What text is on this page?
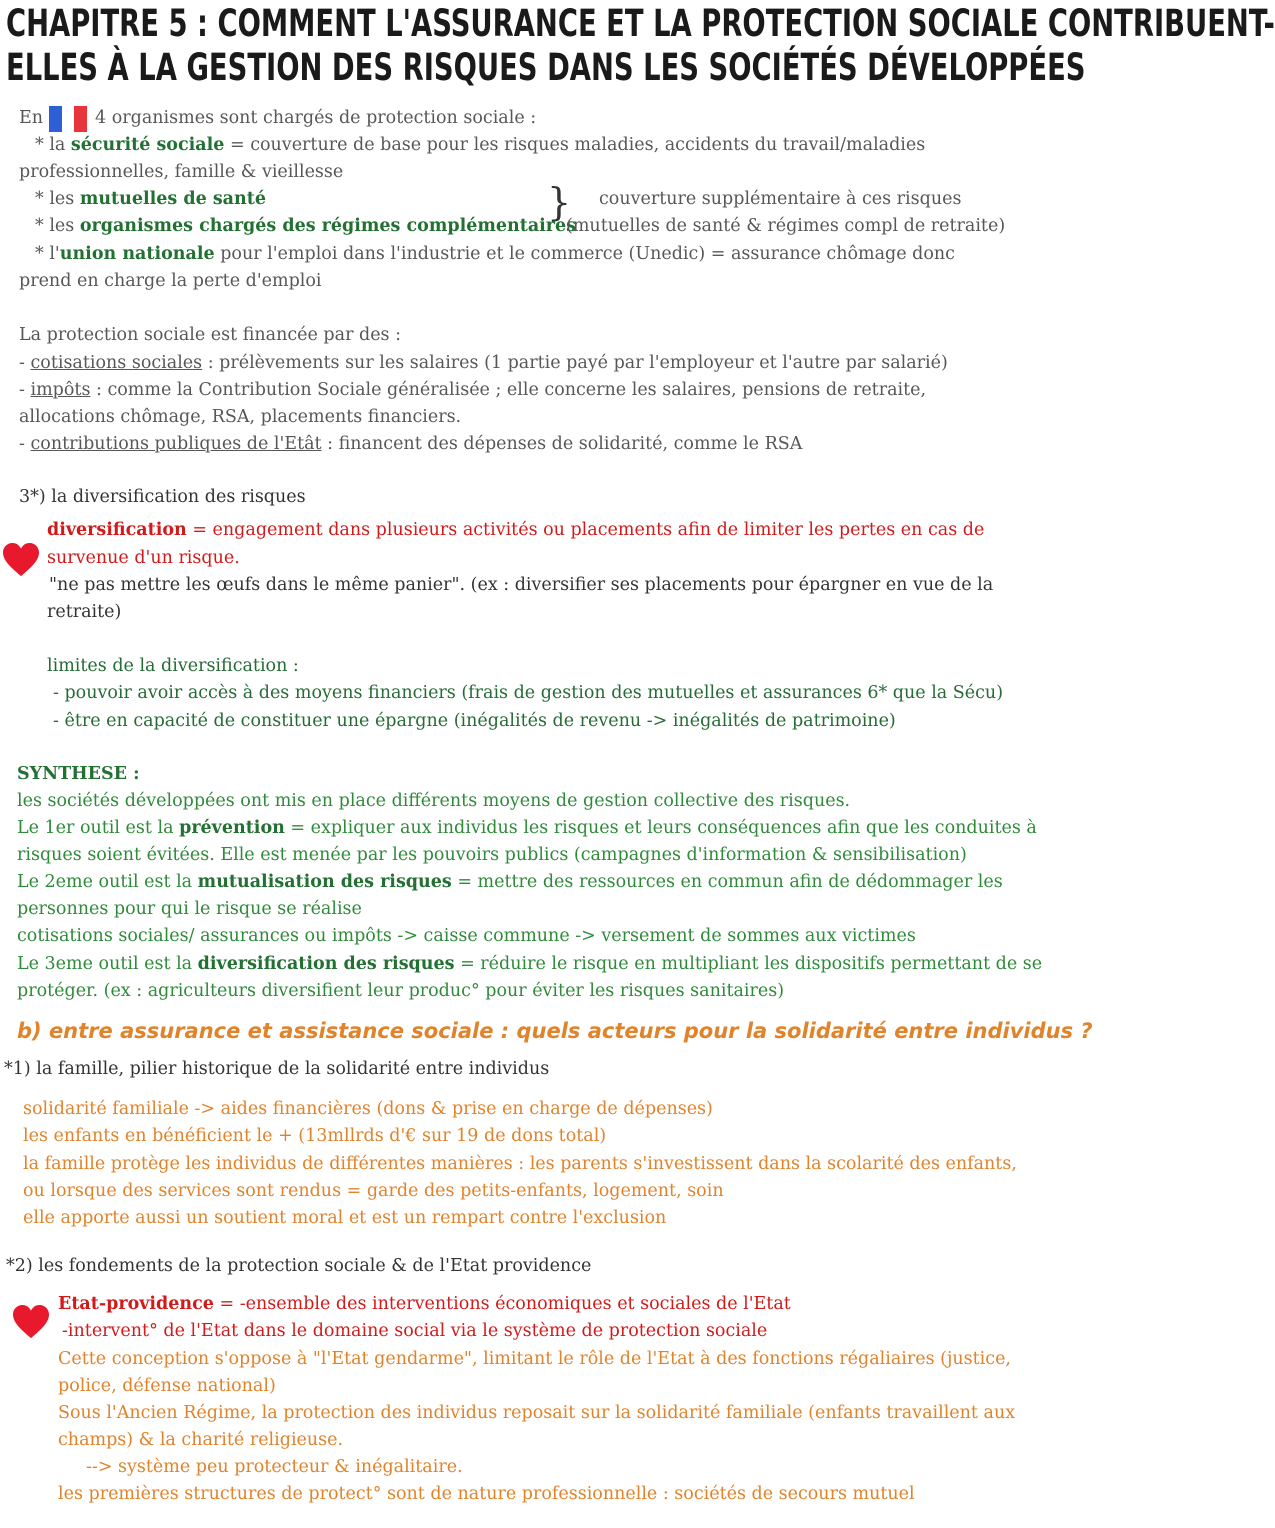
CHAPITRE 5 : COMMENT L'ASSURANCE ET LA PROTECTION SOCIALE CONTRIBUENT-
ELLES À LA GESTION DES RISQUES DANS LES SOCIÉTÉS DÉVELOPPÉES
En	4 organismes sont chargés de protection sociale :
* la sécurité sociale = couverture de base pour les risques maladies, accidents du travail/maladies
professionnelles, famille & vieillesse
* les mutuelles de santé	couverture supplémentaire à ces risques
}
* les organismes chargés des régimes complémentaires
(mutuelles de santé & régimes compl de retraite)
* l'union nationale pour l'emploi dans l'industrie et le commerce (Unedic) = assurance chômage donc
prend en charge la perte d'emploi
La protection sociale est financée par des :
- cotisations sociales : prélèvements sur les salaires (1 partie payé par l'employeur et l'autre par salarié)
- impôts : comme la Contribution Sociale généralisée ; elle concerne les salaires, pensions de retraite,
allocations chômage, RSA, placements financiers.
- contributions publiques de l'Etât : financent des dépenses de solidarité, comme le RSA
3*) la diversification des risques
diversification = engagement dans plusieurs activités ou placements afin de limiter les pertes en cas de
survenue d'un risque.
"ne pas mettre les œufs dans le même panier". (ex : diversifier ses placements pour épargner en vue de la
retraite)
limites de la diversification :
- pouvoir avoir accès à des moyens financiers (frais de gestion des mutuelles et assurances 6* que la Sécu)
- être en capacité de constituer une épargne (inégalités de revenu -> inégalités de patrimoine)
SYNTHESE :
les sociétés développées ont mis en place différents moyens de gestion collective des risques.
Le 1er outil est la prévention = expliquer aux individus les risques et leurs conséquences afin que les conduites à
risques soient évitées. Elle est menée par les pouvoirs publics (campagnes d'information & sensibilisation)
Le 2eme outil est la mutualisation des risques = mettre des ressources en commun afin de dédommager les
personnes pour qui le risque se réalise
cotisations sociales/ assurances ou impôts -> caisse commune -> versement de sommes aux victimes
Le 3eme outil est la diversification des risques = réduire le risque en multipliant les dispositifs permettant de se
protéger. (ex : agriculteurs diversifient leur produc° pour éviter les risques sanitaires)
b) entre assurance et assistance sociale : quels acteurs pour la solidarité entre individus ?
*1) la famille, pilier historique de la solidarité entre individus
solidarité familiale -> aides financières (dons & prise en charge de dépenses)
les enfants en bénéficient le + (13mllrds d'€ sur 19 de dons total)
la famille protège les individus de différentes manières : les parents s'investissent dans la scolarité des enfants,
ou lorsque des services sont rendus = garde des petits-enfants, logement, soin
elle apporte aussi un soutient moral et est un rempart contre l'exclusion
*2) les fondements de la protection sociale & de l'Etat providence
Etat-providence = -ensemble des interventions économiques et sociales de l'Etat
-intervent° de l'Etat dans le domaine social via le système de protection sociale
Cette conception s'oppose à "l'Etat gendarme", limitant le rôle de l'Etat à des fonctions régaliaires (justice,
police, défense national)
Sous l'Ancien Régime, la protection des individus reposait sur la solidarité familiale (enfants travaillent aux
champs) & la charité religieuse.
--> système peu protecteur & inégalitaire.
les premières structures de protect° sont de nature professionnelle : sociétés de secours mutuel
